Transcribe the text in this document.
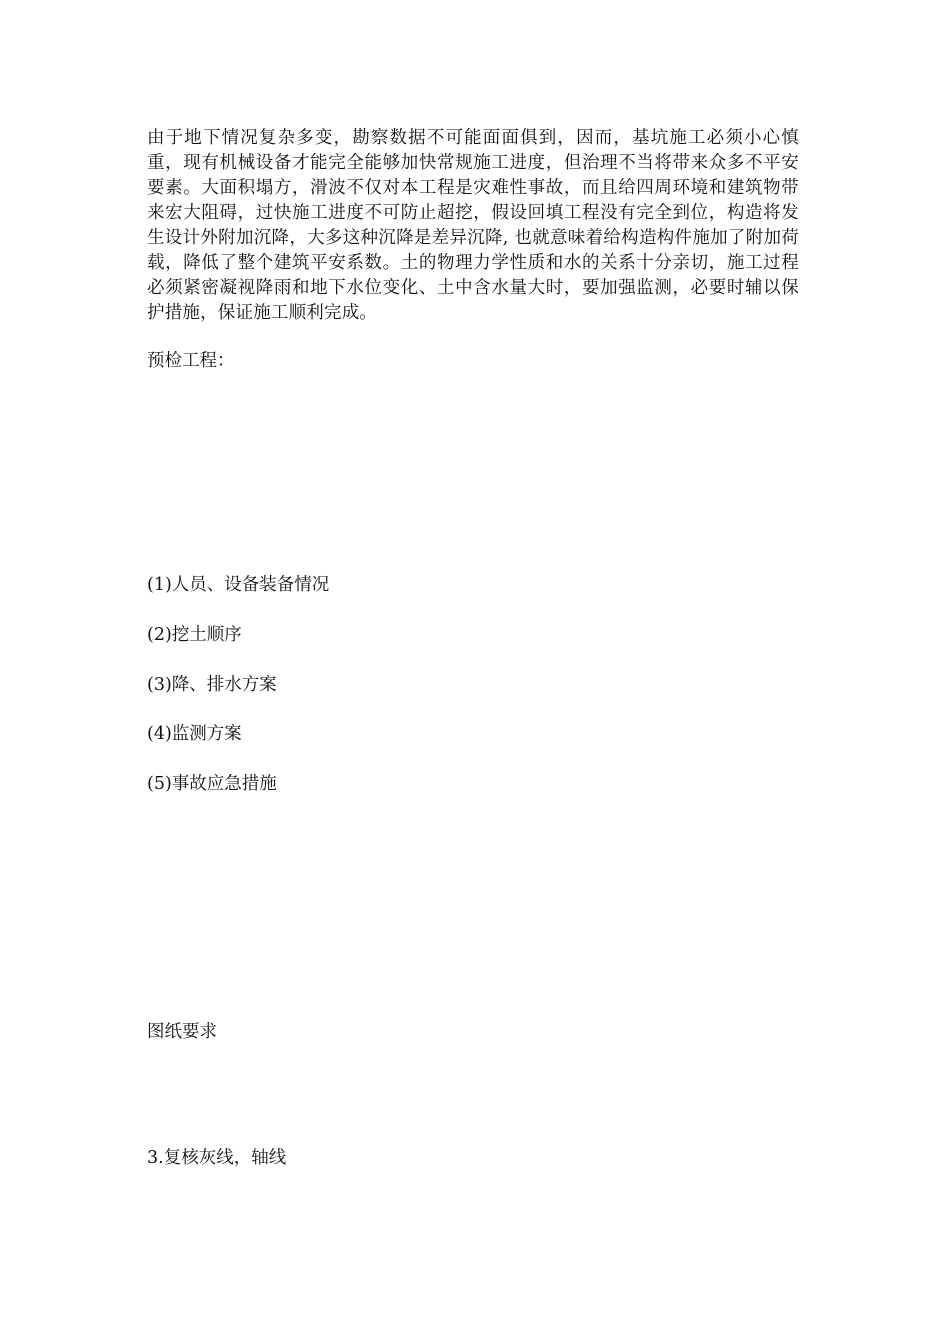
由于地下情况复杂多变，勘察数据不可能面面俱到，因而，基坑施工必须小心慎重，现有机械设备才能完全能够加快常规施工进度，但治理不当将带来众多不平安要素。大面积塌方，滑波不仅对本工程是灾难性事故，而且给四周环境和建筑物带来宏大阻碍，过快施工进度不可防止超挖，假设回填工程没有完全到位，构造将发生设计外附加沉降，大多这种沉降是差异沉降, 也就意味着给构造构件施加了附加荷载，降低了整个建筑平安系数。土的物理力学性质和水的关系十分亲切，施工过程必须紧密凝视降雨和地下水位变化、土中含水量大时，要加强监测，必要时辅以保护措施，保证施工顺利完成。

预检工程：

(1)人员、设备装备情况

(2)挖土顺序

(3)降、排水方案

(4)监测方案

(5)事故应急措施

图纸要求

3.复核灰线，轴线
